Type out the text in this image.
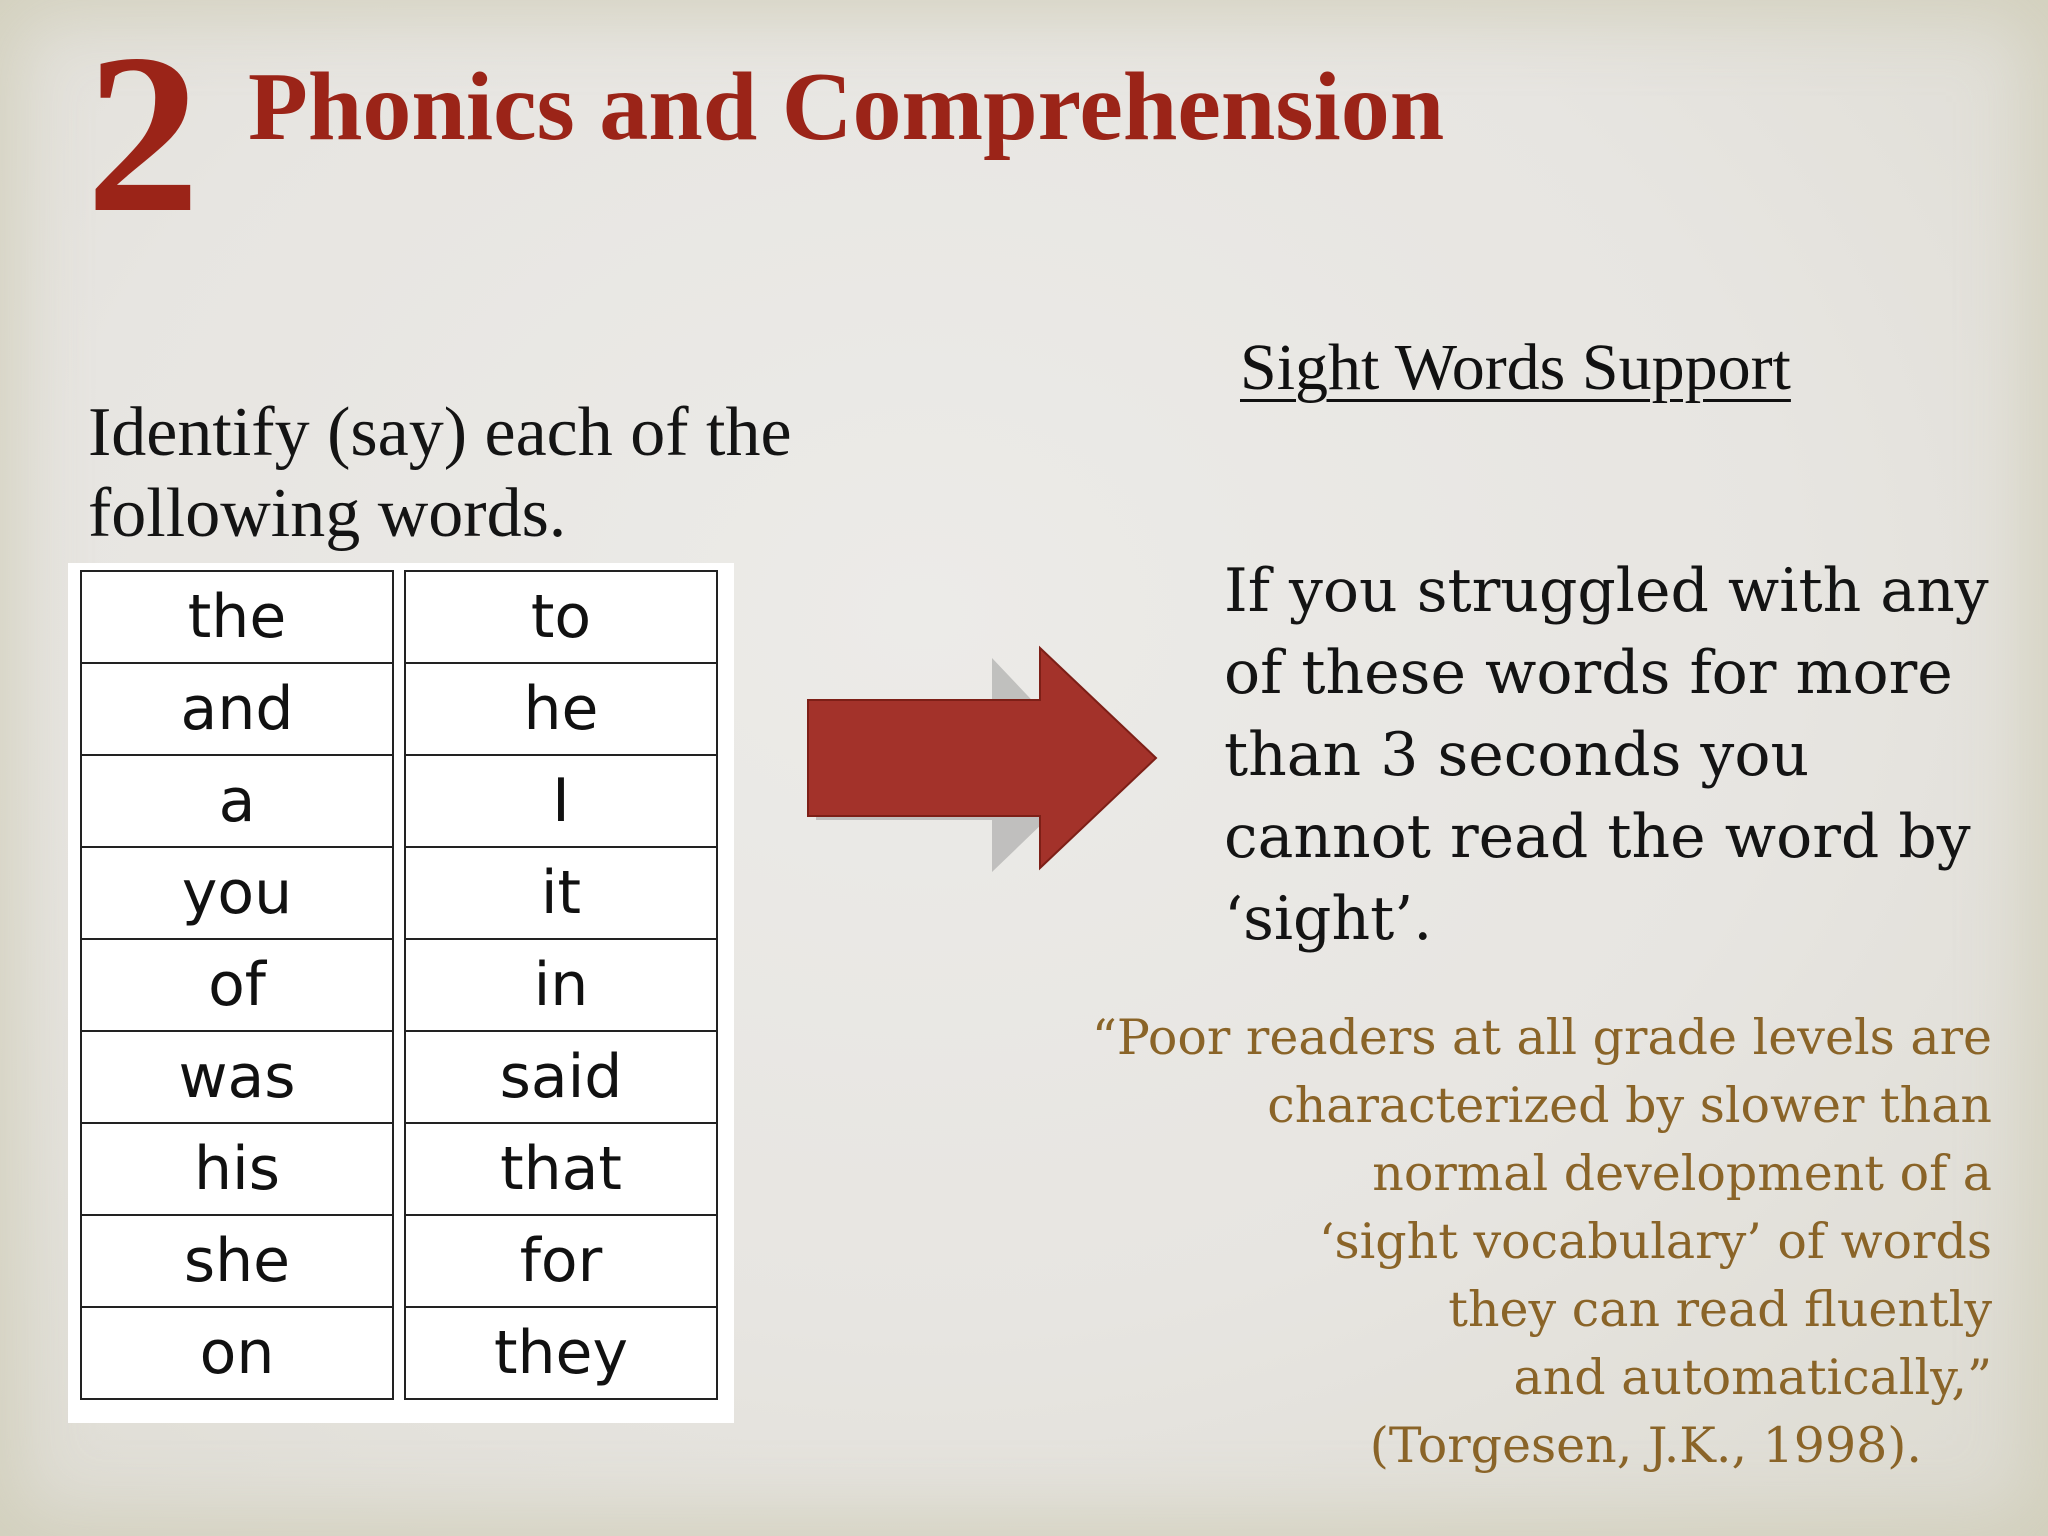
2 Phonics and Comprehension
Identify (say) each of the following words.
the		to
and		he
a		I
you		it
of		in
was		said
his		that
she		for
on		they
Sight Words Support
If you struggled with any of these words for more than 3 seconds you cannot read the word by ‘sight’.
“Poor readers at all grade levels are
characterized by slower than
normal development of a
‘sight vocabulary’ of words
they can read fluently
and automatically,”
(Torgesen, J.K., 1998).
